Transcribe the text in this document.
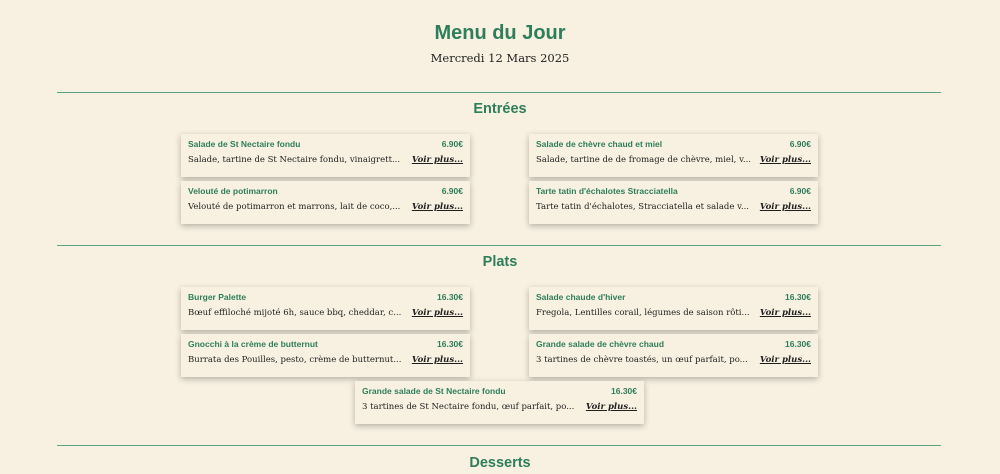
Menu du Jour
Mercredi 12 Mars 2025
Entrées
Salade de St Nectaire fondu	6.90€
Salade, tartine de St Nectaire fondu, vinaigrett... Voir plus...
Salade de chèvre chaud et miel	6.90€
Salade, tartine de de fromage de chèvre, miel, v... Voir plus...
Velouté de potimarron	6.90€
Velouté de potimarron et marrons, lait de coco,... Voir plus...
Tarte tatin d'échalotes Stracciatella	6.90€
Tarte tatin d'échalotes, Stracciatella et salade v... Voir plus...
Plats
Burger Palette	16.30€
Bœuf effiloché mijoté 6h, sauce bbq, cheddar, c... Voir plus...
Salade chaude d'hiver	16.30€
Fregola, Lentilles corail, légumes de saison rôti... Voir plus...
Gnocchi à la crème de butternut	16.30€
Burrata des Pouilles, pesto, crème de butternut... Voir plus...
Grande salade de chèvre chaud	16.30€
3 tartines de chèvre toastés, un œuf parfait, po... Voir plus...
Grande salade de St Nectaire fondu	16.30€
3 tartines de St Nectaire fondu, œuf parfait, po... Voir plus...
Desserts
